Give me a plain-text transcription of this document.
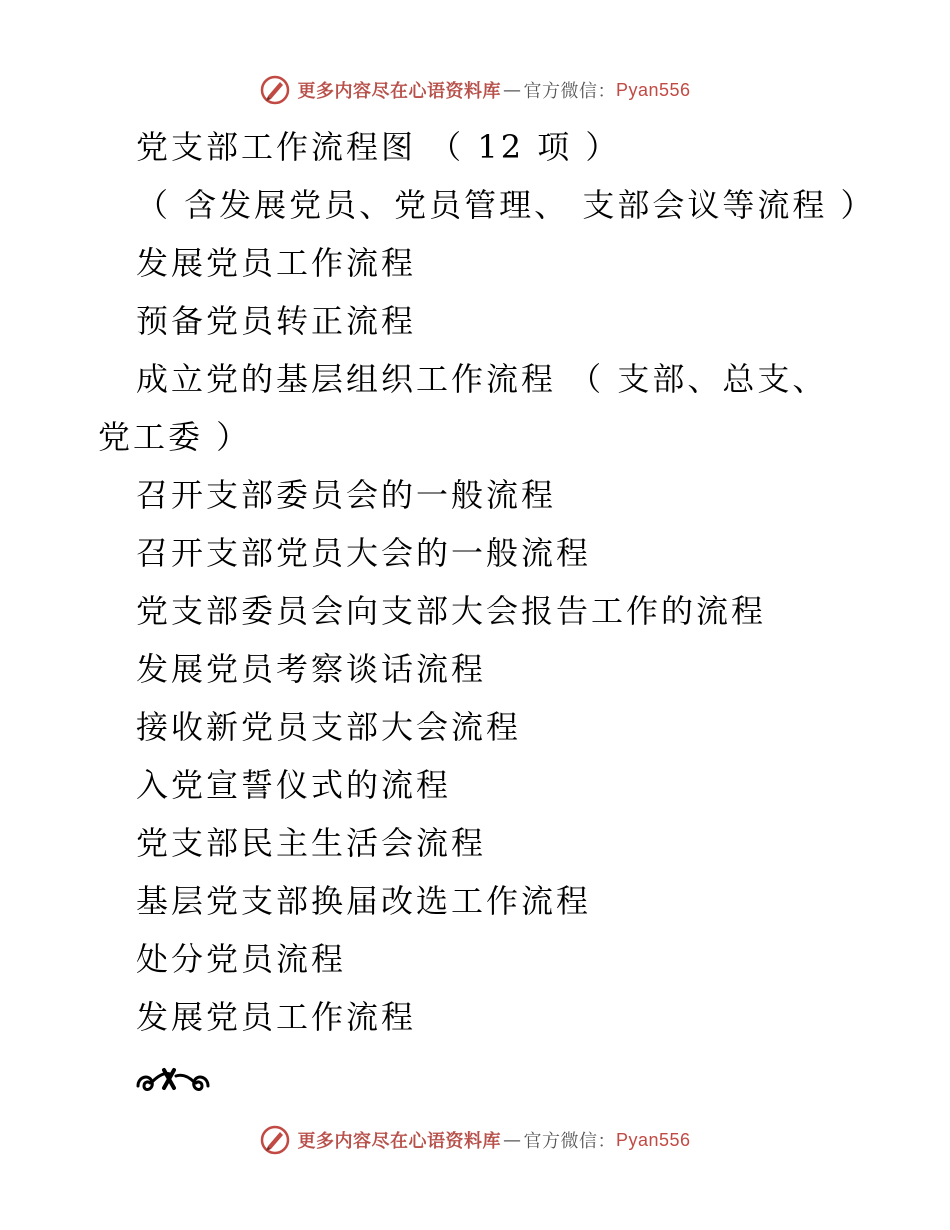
更多内容尽在心语资料库 — 官方微信： Pyan556
党支部工作流程图 （ 12 项 ）
（ 含发展党员、党员管理、 支部会议等流程 ）
发展党员工作流程
预备党员转正流程
成立党的基层组织工作流程 （ 支部、总支、党工委 ）
召开支部委员会的一般流程
召开支部党员大会的一般流程
党支部委员会向支部大会报告工作的流程
发展党员考察谈话流程
接收新党员支部大会流程
入党宣誓仪式的流程
党支部民主生活会流程
基层党支部换届改选工作流程
处分党员流程
发展党员工作流程
更多内容尽在心语资料库 — 官方微信： Pyan556
